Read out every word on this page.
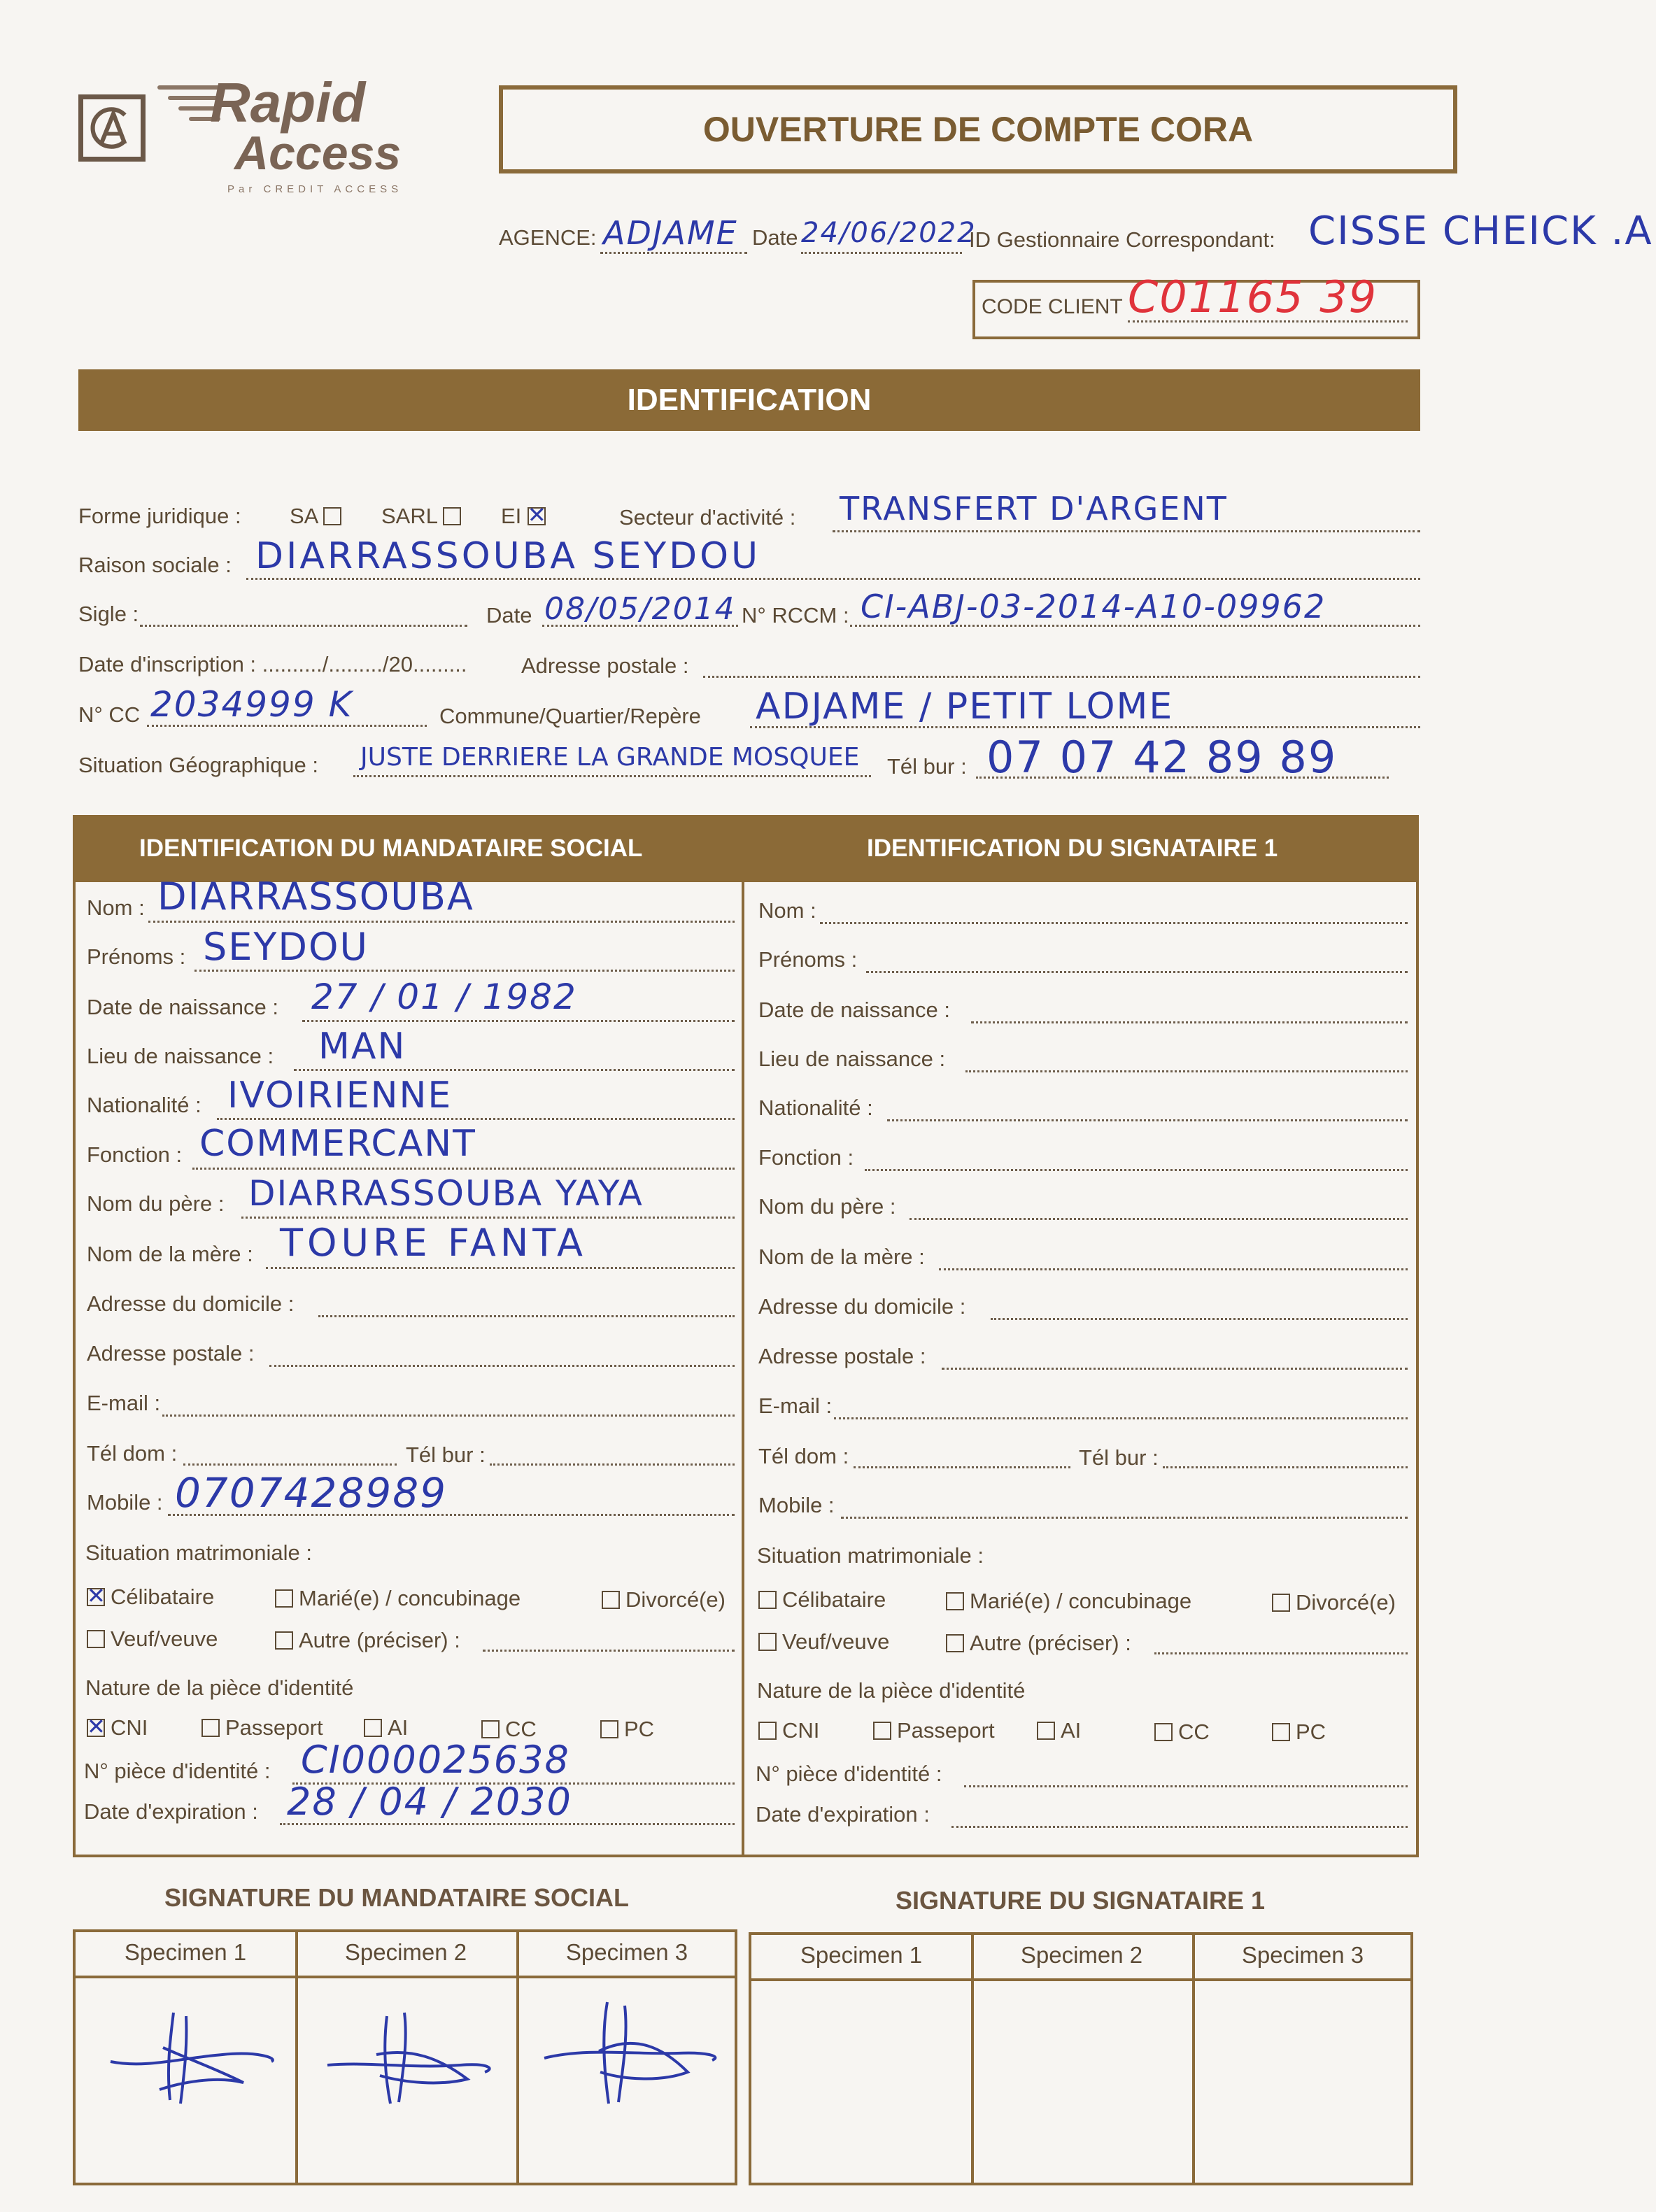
Rapid
Access
Par CREDIT ACCESS
OUVERTURE DE COMPTE CORA
AGENCE: ADJAME Date 24/06/2022
ID Gestionnaire Correspondant: CISSE CHEICK .A
CODE CLIENT C01165 39
IDENTIFICATION
Forme juridique : SA	SARL	EI ✕	Secteur d'activité : TRANSFERT D'ARGENT
Raison sociale : DIARRASSOUBA SEYDOU
Sigle :	Date 08/05/2014 N° RCCM : CI-ABJ-03-2014-A10-09962
Date d'inscription : ........../........./20......... Adresse postale :
N° CC 2034999 K	Commune/Quartier/Repère ADJAME / PETIT LOME
Situation Géographique : JUSTE DERRIERE LA GRANDE MOSQUEE Tél bur : 07 07 42 89 89
IDENTIFICATION DU MANDATAIRE SOCIAL	IDENTIFICATION DU SIGNATAIRE 1
Nom : DIARRASSOUBA
Prénoms : SEYDOU
Date de naissance : 27 / 01 / 1982
Lieu de naissance : MAN
Nationalité : IVOIRIENNE
Fonction : COMMERCANT
Nom du père : DIARRASSOUBA YAYA
Nom de la mère : TOURE FANTA
Adresse du domicile :
Adresse postale :
E-mail :
Tél dom :	Tél bur :
Mobile : 0707428989
Situation matrimoniale :
✕Célibataire	Marié(e) / concubinage	Divorcé(e)
Veuf/veuve	Autre (préciser) :
Nature de la pièce d'identité
✕CNI	Passeport	AI	CC	PC
N° pièce d'identité : CI000025638
Date d'expiration : 28 / 04 / 2030
Nom :
Prénoms :
Date de naissance :
Lieu de naissance :
Nationalité :
Fonction :
Nom du père :
Nom de la mère :
Adresse du domicile :
Adresse postale :
E-mail :
Tél dom :	Tél bur :
Mobile :
Situation matrimoniale :
Célibataire	Marié(e) / concubinage	Divorcé(e)
Veuf/veuve	Autre (préciser) :
Nature de la pièce d'identité
CNI	Passeport	AI	CC	PC
N° pièce d'identité :
Date d'expiration :
SIGNATURE DU MANDATAIRE SOCIAL	SIGNATURE DU SIGNATAIRE 1
Specimen 1	Specimen 2	Specimen 3	Specimen 1	Specimen 2	Specimen 3
